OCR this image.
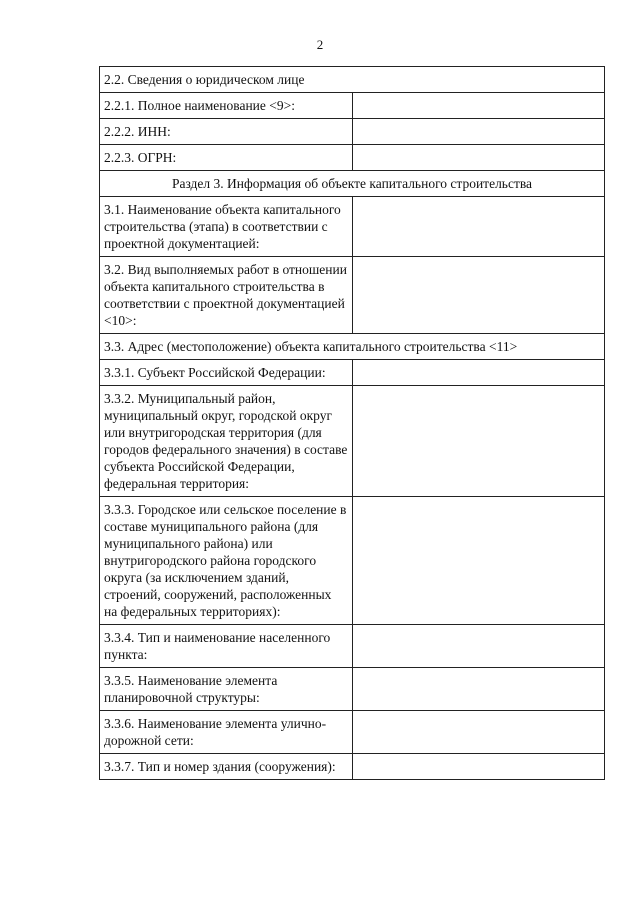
2
2.2. Сведения о юридическом лице	
2.2.1. Полное наименование <9>:	
2.2.2. ИНН:	
2.2.3. ОГРН:	
Раздел 3. Информация об объекте капитального строительства	
3.1. Наименование объекта капитального строительства (этапа) в соответствии с проектной документацией:	
3.2. Вид выполняемых работ в отношении объекта капитального строительства в соответствии с проектной документацией <10>:	
3.3. Адрес (местоположение) объекта капитального строительства <11>	
3.3.1. Субъект Российской Федерации:	
3.3.2. Муниципальный район, муниципальный округ, городской округ или внутригородская территория (для городов федерального значения) в составе субъекта Российской Федерации, федеральная территория:	
3.3.3. Городское или сельское поселение в составе муниципального района (для муниципального района) или внутригородского района городского округа (за исключением зданий, строений, сооружений, расположенных на федеральных территориях):	
3.3.4. Тип и наименование населенного пункта:	
3.3.5. Наименование элемента планировочной структуры:	
3.3.6. Наименование элемента улично-дорожной сети:	
3.3.7. Тип и номер здания (сооружения):	
